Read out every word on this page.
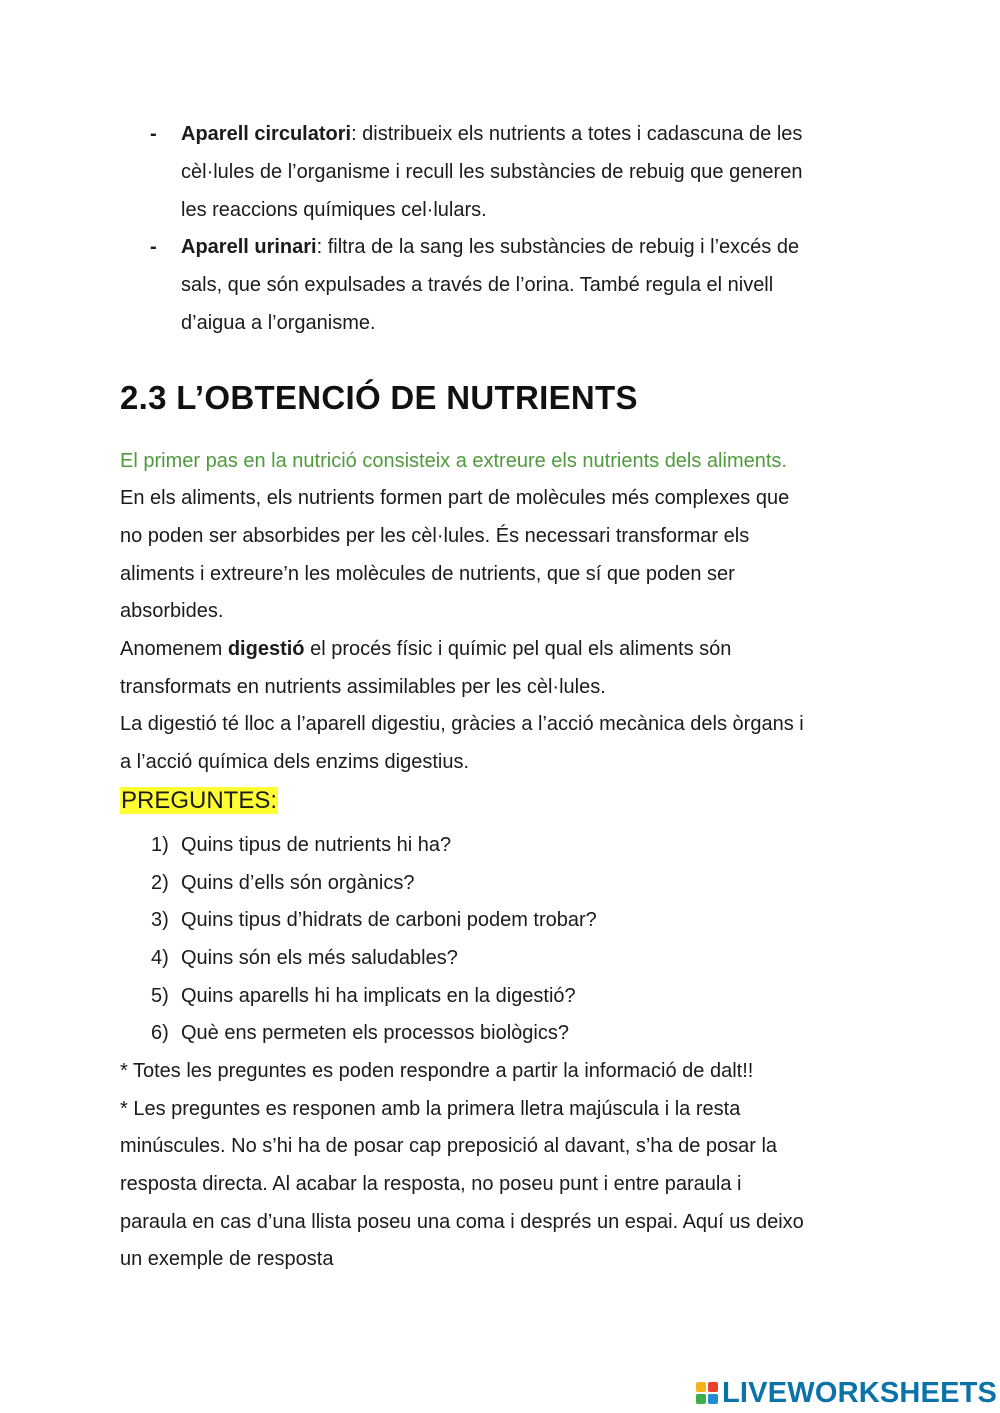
- Aparell circulatori: distribueix els nutrients a totes i cadascuna de les
cèl·lules de l’organisme i recull les substàncies de rebuig que generen
les reaccions químiques cel·lulars.
- Aparell urinari: filtra de la sang les substàncies de rebuig i l’excés de
sals, que són expulsades a través de l’orina. També regula el nivell
d’aigua a l’organisme.
2.3 L’OBTENCIÓ DE NUTRIENTS
El primer pas en la nutrició consisteix a extreure els nutrients dels aliments.
En els aliments, els nutrients formen part de molècules més complexes que
no poden ser absorbides per les cèl·lules. És necessari transformar els
aliments i extreure’n les molècules de nutrients, que sí que poden ser
absorbides.
Anomenem digestió el procés físic i químic pel qual els aliments són
transformats en nutrients assimilables per les cèl·lules.
La digestió té lloc a l’aparell digestiu, gràcies a l’acció mecànica dels òrgans i
a l’acció química dels enzims digestius.
PREGUNTES:
1) Quins tipus de nutrients hi ha?
2) Quins d’ells són orgànics?
3) Quins tipus d’hidrats de carboni podem trobar?
4) Quins són els més saludables?
5) Quins aparells hi ha implicats en la digestió?
6) Què ens permeten els processos biològics?
* Totes les preguntes es poden respondre a partir la informació de dalt!!
* Les preguntes es responen amb la primera lletra majúscula i la resta
minúscules. No s’hi ha de posar cap preposició al davant, s’ha de posar la
resposta directa. Al acabar la resposta, no poseu punt i entre paraula i
paraula en cas d’una llista poseu una coma i després un espai. Aquí us deixo
un exemple de resposta
LIVEWORKSHEETS
